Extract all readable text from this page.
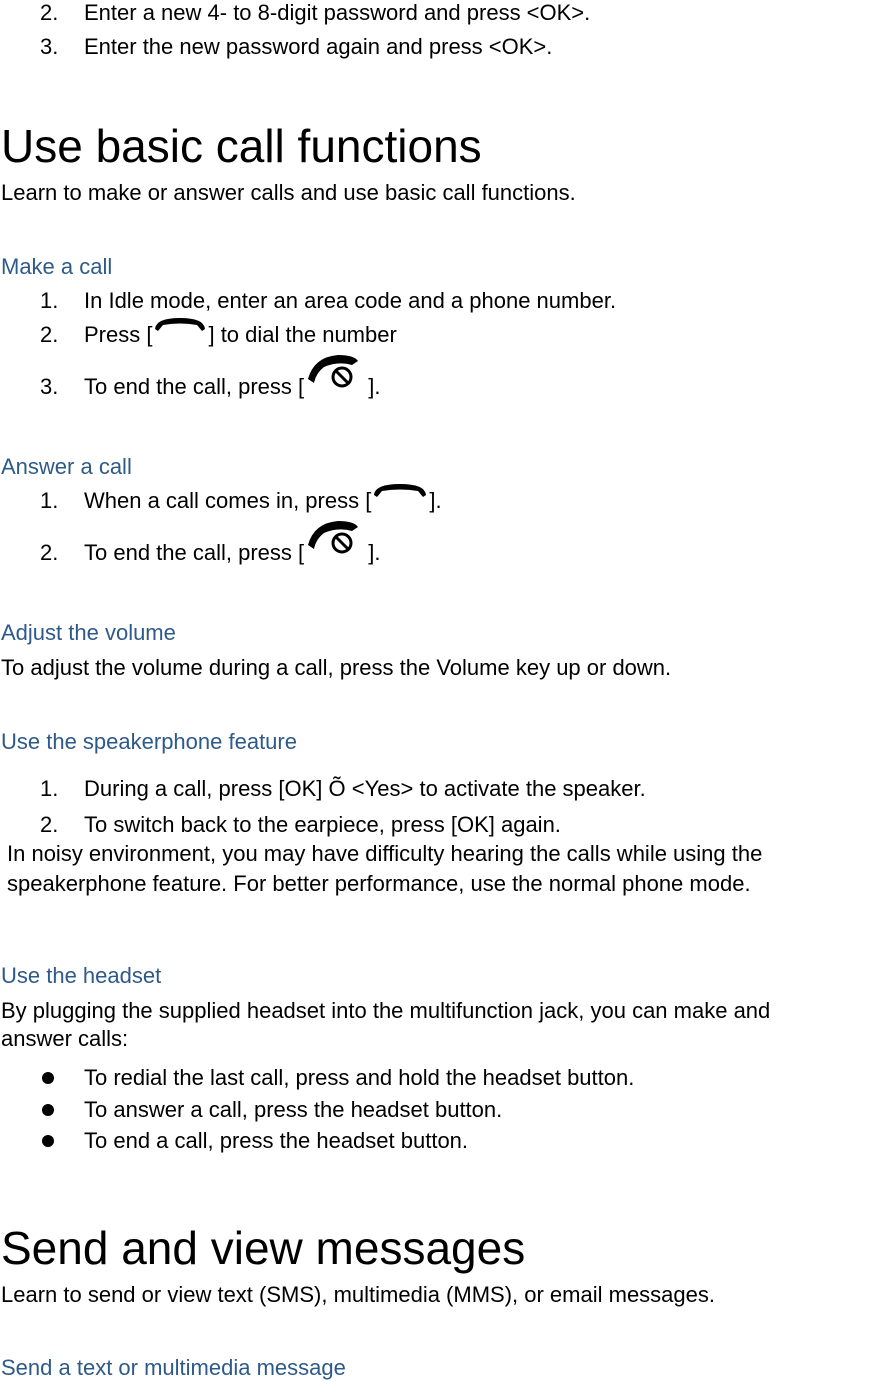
2.	Enter a new 4- to 8-digit password and press <OK>.
3.	Enter the new password again and press <OK>.
Use basic call functions
Learn to make or answer calls and use basic call functions.
Make a call
1.	In Idle mode, enter an area code and a phone number.
2.	Press [	] to dial the number
3.	To end the call, press [	].
Answer a call
1.	When a call comes in, press [	].
2.	To end the call, press [	].
Adjust the volume
To adjust the volume during a call, press the Volume key up or down.
Use the speakerphone feature
1.	During a call, press [OK] Õ <Yes> to activate the speaker.
2.	To switch back to the earpiece, press [OK] again.
In noisy environment, you may have difficulty hearing the calls while using the
speakerphone feature. For better performance, use the normal phone mode.
Use the headset
By plugging the supplied headset into the multifunction jack, you can make and
answer calls:
To redial the last call, press and hold the headset button.
To answer a call, press the headset button.
To end a call, press the headset button.
Send and view messages
Learn to send or view text (SMS), multimedia (MMS), or email messages.
Send a text or multimedia message
